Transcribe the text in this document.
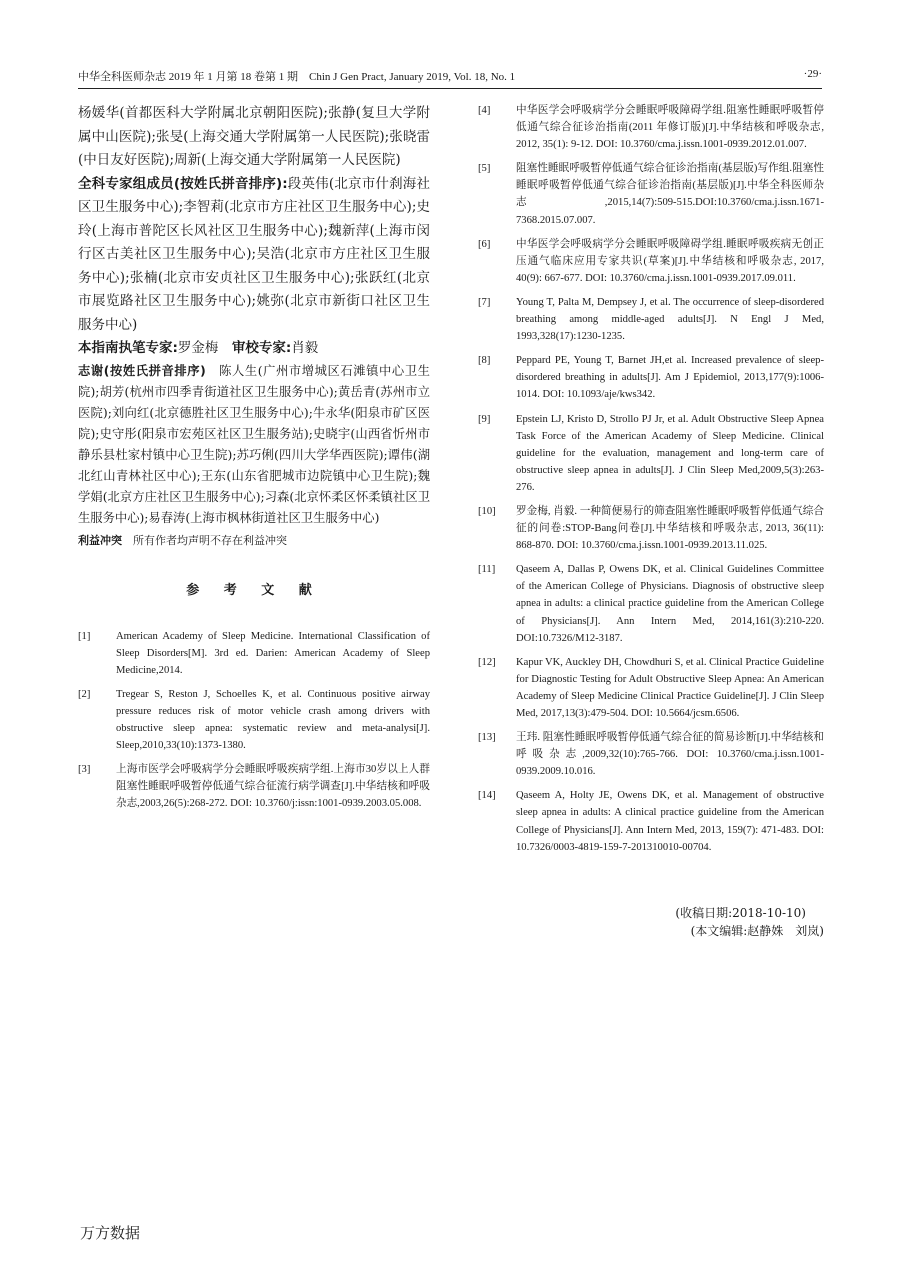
中华全科医师杂志 2019 年 1 月第 18 卷第 1 期　Chin J Gen Pract, January 2019, Vol. 18, No. 1	·29·

杨媛华(首都医科大学附属北京朝阳医院);张静(复旦大学附属中山医院);张旻(上海交通大学附属第一人民医院);张晓雷(中日友好医院);周新(上海交通大学附属第一人民医院)

全科专家组成员(按姓氏拼音排序):段英伟(北京市什刹海社区卫生服务中心);李智莉(北京市方庄社区卫生服务中心);史玲(上海市普陀区长风社区卫生服务中心);魏新萍(上海市闵行区古美社区卫生服务中心);吴浩(北京市方庄社区卫生服务中心);张楠(北京市安贞社区卫生服务中心);张跃红(北京市展览路社区卫生服务中心);姚弥(北京市新街口社区卫生服务中心)

本指南执笔专家:罗金梅　 审校专家:肖毅

志谢(按姓氏拼音排序)　 陈人生(广州市增城区石滩镇中心卫生院);胡芳(杭州市四季青街道社区卫生服务中心);黄岳青(苏州市立医院);刘向红(北京德胜社区卫生服务中心);牛永华(阳泉市矿区医院);史守彤(阳泉市宏苑区社区卫生服务站);史晓宇(山西省忻州市静乐县杜家村镇中心卫生院);苏巧俐(四川大学华西医院);谭伟(湖北红山青林社区中心);王东(山东省肥城市边院镇中心卫生院);魏学娟(北京方庄社区卫生服务中心);习森(北京怀柔区怀柔镇社区卫生服务中心);易春涛(上海市枫林街道社区卫生服务中心)

利益冲突　 所有作者均声明不存在利益冲突
参 考 文 献
[1]	American Academy of Sleep Medicine. International Classification of Sleep Disorders[M]. 3rd ed. Darien: American Academy of Sleep Medicine,2014.
[2]	Tregear S, Reston J, Schoelles K, et al. Continuous positive airway pressure reduces risk of motor vehicle crash among drivers with obstructive sleep apnea: systematic review and meta-analysi[J]. Sleep,2010,33(10):1373-1380.
[3]	上海市医学会呼吸病学分会睡眠呼吸疾病学组.上海市30岁以上人群阻塞性睡眠呼吸暂停低通气综合征流行病学调查[J].中华结核和呼吸杂志,2003,26(5):268-272. DOI: 10.3760/j:issn:1001-0939.2003.05.008.
[4]	中华医学会呼吸病学分会睡眠呼吸障碍学组.阻塞性睡眠呼吸暂停低通气综合征诊治指南(2011 年修订版)[J].中华结核和呼吸杂志, 2012, 35(1): 9-12. DOI: 10.3760/cma.j.issn.1001-0939.2012.01.007.
[5]	阻塞性睡眠呼吸暂停低通气综合征诊治指南(基层版)写作组.阻塞性睡眠呼吸暂停低通气综合征诊治指南(基层版)[J].中华全科医师杂志,2015,14(7):509-515.DOI:10.3760/cma.j.issn.1671-7368.2015.07.007.
[6]	中华医学会呼吸病学分会睡眠呼吸障碍学组.睡眠呼吸疾病无创正压通气临床应用专家共识(草案)[J].中华结核和呼吸杂志, 2017, 40(9): 667-677. DOI: 10.3760/cma.j.issn.1001-0939.2017.09.011.
[7]	Young T, Palta M, Dempsey J, et al. The occurrence of sleep-disordered breathing among middle-aged adults[J]. N Engl J Med, 1993,328(17):1230-1235.
[8]	Peppard PE, Young T, Barnet JH,et al. Increased prevalence of sleep-disordered breathing in adults[J]. Am J Epidemiol, 2013,177(9):1006-1014. DOI: 10.1093/aje/kws342.
[9]	Epstein LJ, Kristo D, Strollo PJ Jr, et al. Adult Obstructive Sleep Apnea Task Force of the American Academy of Sleep Medicine. Clinical guideline for the evaluation, management and long-term care of obstructive sleep apnea in adults[J]. J Clin Sleep Med,2009,5(3):263-276.
[10]	罗金梅, 肖毅. 一种简便易行的筛查阻塞性睡眠呼吸暂停低通气综合征的问卷:STOP-Bang问卷[J].中华结核和呼吸杂志, 2013, 36(11): 868-870. DOI: 10.3760/cma.j.issn.1001-0939.2013.11.025.
[11]	Qaseem A, Dallas P, Owens DK, et al. Clinical Guidelines Committee of the American College of Physicians. Diagnosis of obstructive sleep apnea in adults: a clinical practice guideline from the American College of Physicians[J]. Ann Intern Med, 2014,161(3):210-220. DOI:10.7326/M12-3187.
[12]	Kapur VK, Auckley DH, Chowdhuri S, et al. Clinical Practice Guideline for Diagnostic Testing for Adult Obstructive Sleep Apnea: An American Academy of Sleep Medicine Clinical Practice Guideline[J]. J Clin Sleep Med, 2017,13(3):479-504. DOI: 10.5664/jcsm.6506.
[13]	王玮. 阻塞性睡眠呼吸暂停低通气综合征的简易诊断[J].中华结核和呼吸杂志,2009,32(10):765-766. DOI: 10.3760/cma.j.issn.1001-0939.2009.10.016.
[14]	Qaseem A, Holty JE, Owens DK, et al. Management of obstructive sleep apnea in adults: A clinical practice guideline from the American College of Physicians[J]. Ann Intern Med, 2013, 159(7): 471-483. DOI: 10.7326/0003-4819-159-7-201310010-00704.
(收稿日期:2018-10-10)
(本文编辑:赵静姝　刘岚)
万方数据
